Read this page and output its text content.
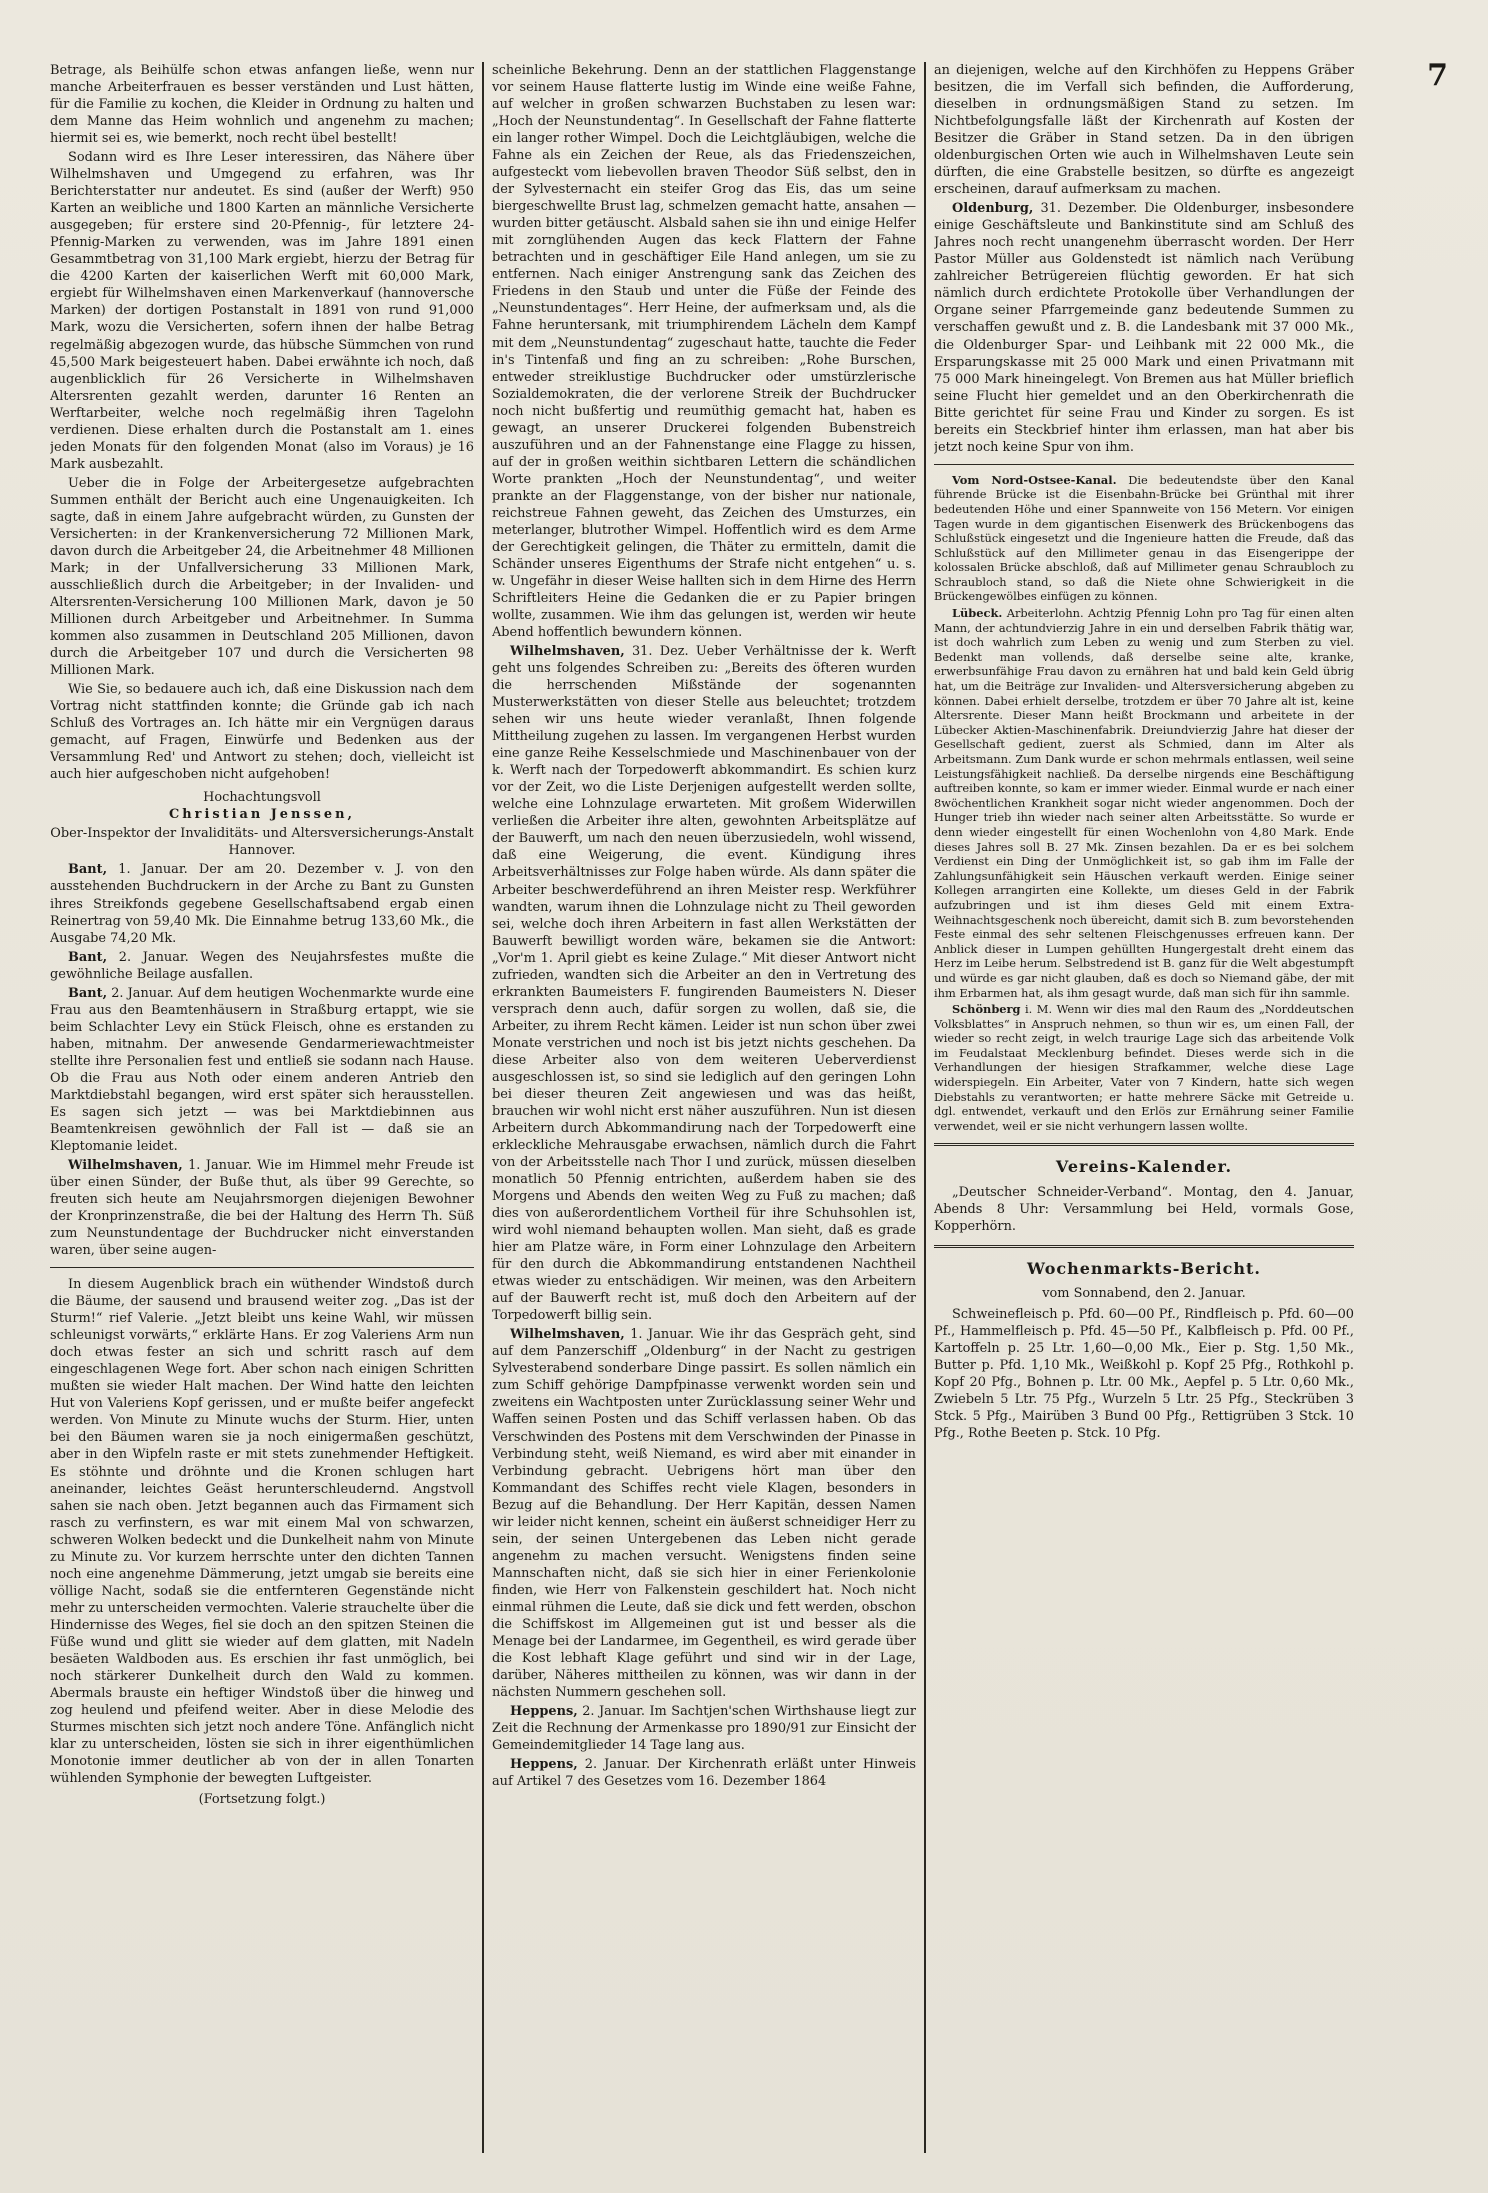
7

Betrage, als Beihülfe schon etwas anfangen ließe, wenn nur manche Arbeiterfrauen es besser verständen und Lust hätten, für die Familie zu kochen, die Kleider in Ordnung zu halten und dem Manne das Heim wohnlich und angenehm zu machen; hiermit sei es, wie bemerkt, noch recht übel bestellt!

Sodann wird es Ihre Leser interessiren, das Nähere über Wilhelmshaven und Umgegend zu erfahren, was Ihr Berichterstatter nur andeutet. Es sind (außer der Werft) 950 Karten an weibliche und 1800 Karten an männliche Versicherte ausgegeben; für erstere sind 20-Pfennig-, für letztere 24-Pfennig-Marken zu verwenden, was im Jahre 1891 einen Gesammtbetrag von 31,100 Mark ergiebt, hierzu der Betrag für die 4200 Karten der kaiserlichen Werft mit 60,000 Mark, ergiebt für Wilhelmshaven einen Markenverkauf (hannoversche Marken) der dortigen Postanstalt in 1891 von rund 91,000 Mark, wozu die Versicherten, sofern ihnen der halbe Betrag regelmäßig abgezogen wurde, das hübsche Sümmchen von rund 45,500 Mark beigesteuert haben. Dabei erwähnte ich noch, daß augenblicklich für 26 Versicherte in Wilhelmshaven Altersrenten gezahlt werden, darunter 16 Renten an Werftarbeiter, welche noch regelmäßig ihren Tagelohn verdienen. Diese erhalten durch die Postanstalt am 1. eines jeden Monats für den folgenden Monat (also im Voraus) je 16 Mark ausbezahlt.

Ueber die in Folge der Arbeitergesetze aufgebrachten Summen enthält der Bericht auch eine Ungenauigkeiten. Ich sagte, daß in einem Jahre aufgebracht würden, zu Gunsten der Versicherten: in der Krankenversicherung 72 Millionen Mark, davon durch die Arbeitgeber 24, die Arbeitnehmer 48 Millionen Mark; in der Unfallversicherung 33 Millionen Mark, ausschließlich durch die Arbeitgeber; in der Invaliden- und Altersrenten-Versicherung 100 Millionen Mark, davon je 50 Millionen durch Arbeitgeber und Arbeitnehmer. In Summa kommen also zusammen in Deutschland 205 Millionen, davon durch die Arbeitgeber 107 und durch die Versicherten 98 Millionen Mark.

Wie Sie, so bedauere auch ich, daß eine Diskussion nach dem Vortrag nicht stattfinden konnte; die Gründe gab ich nach Schluß des Vortrages an. Ich hätte mir ein Vergnügen daraus gemacht, auf Fragen, Einwürfe und Bedenken aus der Versammlung Red' und Antwort zu stehen; doch, vielleicht ist auch hier aufgeschoben nicht aufgehoben!

Hochachtungsvoll

Christian Jenssen,

Ober-Inspektor der Invaliditäts- und Altersversicherungs-Anstalt Hannover.

Bant, 1. Januar. Der am 20. Dezember v. J. von den ausstehenden Buchdruckern in der Arche zu Bant zu Gunsten ihres Streikfonds gegebene Gesellschaftsabend ergab einen Reinertrag von 59,40 Mk. Die Einnahme betrug 133,60 Mk., die Ausgabe 74,20 Mk.

Bant, 2. Januar. Wegen des Neujahrsfestes mußte die gewöhnliche Beilage ausfallen.

Bant, 2. Januar. Auf dem heutigen Wochenmarkte wurde eine Frau aus den Beamtenhäusern in Straßburg ertappt, wie sie beim Schlachter Levy ein Stück Fleisch, ohne es erstanden zu haben, mitnahm. Der anwesende Gendarmeriewachtmeister stellte ihre Personalien fest und entließ sie sodann nach Hause. Ob die Frau aus Noth oder einem anderen Antrieb den Marktdiebstahl begangen, wird erst später sich herausstellen. Es sagen sich jetzt — was bei Marktdiebinnen aus Beamtenkreisen gewöhnlich der Fall ist — daß sie an Kleptomanie leidet.

Wilhelmshaven, 1. Januar. Wie im Himmel mehr Freude ist über einen Sünder, der Buße thut, als über 99 Gerechte, so freuten sich heute am Neujahrsmorgen diejenigen Bewohner der Kronprinzenstraße, die bei der Haltung des Herrn Th. Süß zum Neunstundentage der Buchdrucker nicht einverstanden waren, über seine augen-

In diesem Augenblick brach ein wüthender Windstoß durch die Bäume, der sausend und brausend weiter zog. „Das ist der Sturm!“ rief Valerie. „Jetzt bleibt uns keine Wahl, wir müssen schleunigst vorwärts,“ erklärte Hans. Er zog Valeriens Arm nun doch etwas fester an sich und schritt rasch auf dem eingeschlagenen Wege fort. Aber schon nach einigen Schritten mußten sie wieder Halt machen. Der Wind hatte den leichten Hut von Valeriens Kopf gerissen, und er mußte beifer angefeckt werden. Von Minute zu Minute wuchs der Sturm. Hier, unten bei den Bäumen waren sie ja noch einigermaßen geschützt, aber in den Wipfeln raste er mit stets zunehmender Heftigkeit. Es stöhnte und dröhnte und die Kronen schlugen hart aneinander, leichtes Geäst herunterschleudernd. Angstvoll sahen sie nach oben. Jetzt begannen auch das Firmament sich rasch zu verfinstern, es war mit einem Mal von schwarzen, schweren Wolken bedeckt und die Dunkelheit nahm von Minute zu Minute zu. Vor kurzem herrschte unter den dichten Tannen noch eine angenehme Dämmerung, jetzt umgab sie bereits eine völlige Nacht, sodaß sie die entfernteren Gegenstände nicht mehr zu unterscheiden vermochten. Valerie strauchelte über die Hindernisse des Weges, fiel sie doch an den spitzen Steinen die Füße wund und glitt sie wieder auf dem glatten, mit Nadeln besäeten Waldboden aus. Es erschien ihr fast unmöglich, bei noch stärkerer Dunkelheit durch den Wald zu kommen. Abermals brauste ein heftiger Windstoß über die hinweg und zog heulend und pfeifend weiter. Aber in diese Melodie des Sturmes mischten sich jetzt noch andere Töne. Anfänglich nicht klar zu unterscheiden, lösten sie sich in ihrer eigenthümlichen Monotonie immer deutlicher ab von der in allen Tonarten wühlenden Symphonie der bewegten Luftgeister.

(Fortsetzung folgt.)

scheinliche Bekehrung. Denn an der stattlichen Flaggenstange vor seinem Hause flatterte lustig im Winde eine weiße Fahne, auf welcher in großen schwarzen Buchstaben zu lesen war: „Hoch der Neunstundentag“. In Gesellschaft der Fahne flatterte ein langer rother Wimpel. Doch die Leichtgläubigen, welche die Fahne als ein Zeichen der Reue, als das Friedenszeichen, aufgesteckt vom liebevollen braven Theodor Süß selbst, den in der Sylvesternacht ein steifer Grog das Eis, das um seine biergeschwellte Brust lag, schmelzen gemacht hatte, ansahen — wurden bitter getäuscht. Alsbald sahen sie ihn und einige Helfer mit zornglühenden Augen das keck Flattern der Fahne betrachten und in geschäftiger Eile Hand anlegen, um sie zu entfernen. Nach einiger Anstrengung sank das Zeichen des Friedens in den Staub und unter die Füße der Feinde des „Neunstundentages“. Herr Heine, der aufmerksam und, als die Fahne heruntersank, mit triumphirendem Lächeln dem Kampf mit dem „Neunstundentag“ zugeschaut hatte, tauchte die Feder in's Tintenfaß und fing an zu schreiben: „Rohe Burschen, entweder streiklustige Buchdrucker oder umstürzlerische Sozialdemokraten, die der verlorene Streik der Buchdrucker noch nicht bußfertig und reumüthig gemacht hat, haben es gewagt, an unserer Druckerei folgenden Bubenstreich auszuführen und an der Fahnenstange eine Flagge zu hissen, auf der in großen weithin sichtbaren Lettern die schändlichen Worte prankten „Hoch der Neunstundentag“, und weiter prankte an der Flaggenstange, von der bisher nur nationale, reichstreue Fahnen geweht, das Zeichen des Umsturzes, ein meterlanger, blutrother Wimpel. Hoffentlich wird es dem Arme der Gerechtigkeit gelingen, die Thäter zu ermitteln, damit die Schänder unseres Eigenthums der Strafe nicht entgehen“ u. s. w. Ungefähr in dieser Weise hallten sich in dem Hirne des Herrn Schriftleiters Heine die Gedanken die er zu Papier bringen wollte, zusammen. Wie ihm das gelungen ist, werden wir heute Abend hoffentlich bewundern können.

Wilhelmshaven, 31. Dez. Ueber Verhältnisse der k. Werft geht uns folgendes Schreiben zu: „Bereits des öfteren wurden die herrschenden Mißstände der sogenannten Musterwerkstätten von dieser Stelle aus beleuchtet; trotzdem sehen wir uns heute wieder veranlaßt, Ihnen folgende Mittheilung zugehen zu lassen. Im vergangenen Herbst wurden eine ganze Reihe Kesselschmiede und Maschinenbauer von der k. Werft nach der Torpedowerft abkommandirt. Es schien kurz vor der Zeit, wo die Liste Derjenigen aufgestellt werden sollte, welche eine Lohnzulage erwarteten. Mit großem Widerwillen verließen die Arbeiter ihre alten, gewohnten Arbeitsplätze auf der Bauwerft, um nach den neuen überzusiedeln, wohl wissend, daß eine Weigerung, die event. Kündigung ihres Arbeitsverhältnisses zur Folge haben würde. Als dann später die Arbeiter beschwerdeführend an ihren Meister resp. Werkführer wandten, warum ihnen die Lohnzulage nicht zu Theil geworden sei, welche doch ihren Arbeitern in fast allen Werkstätten der Bauwerft bewilligt worden wäre, bekamen sie die Antwort: „Vor'm 1. April giebt es keine Zulage.“ Mit dieser Antwort nicht zufrieden, wandten sich die Arbeiter an den in Vertretung des erkrankten Baumeisters F. fungirenden Baumeisters N. Dieser versprach denn auch, dafür sorgen zu wollen, daß sie, die Arbeiter, zu ihrem Recht kämen. Leider ist nun schon über zwei Monate verstrichen und noch ist bis jetzt nichts geschehen. Da diese Arbeiter also von dem weiteren Ueberverdienst ausgeschlossen ist, so sind sie lediglich auf den geringen Lohn bei dieser theuren Zeit angewiesen und was das heißt, brauchen wir wohl nicht erst näher auszuführen. Nun ist diesen Arbeitern durch Abkommandirung nach der Torpedowerft eine erkleckliche Mehrausgabe erwachsen, nämlich durch die Fahrt von der Arbeitsstelle nach Thor I und zurück, müssen dieselben monatlich 50 Pfennig entrichten, außerdem haben sie des Morgens und Abends den weiten Weg zu Fuß zu machen; daß dies von außerordentlichem Vortheil für ihre Schuhsohlen ist, wird wohl niemand behaupten wollen. Man sieht, daß es grade hier am Platze wäre, in Form einer Lohnzulage den Arbeitern für den durch die Abkommandirung entstandenen Nachtheil etwas wieder zu entschädigen. Wir meinen, was den Arbeitern auf der Bauwerft recht ist, muß doch den Arbeitern auf der Torpedowerft billig sein.

Wilhelmshaven, 1. Januar. Wie ihr das Gespräch geht, sind auf dem Panzerschiff „Oldenburg“ in der Nacht zu gestrigen Sylvesterabend sonderbare Dinge passirt. Es sollen nämlich ein zum Schiff gehörige Dampfpinasse verwenkt worden sein und zweitens ein Wachtposten unter Zurücklassung seiner Wehr und Waffen seinen Posten und das Schiff verlassen haben. Ob das Verschwinden des Postens mit dem Verschwinden der Pinasse in Verbindung steht, weiß Niemand, es wird aber mit einander in Verbindung gebracht. Uebrigens hört man über den Kommandant des Schiffes recht viele Klagen, besonders in Bezug auf die Behandlung. Der Herr Kapitän, dessen Namen wir leider nicht kennen, scheint ein äußerst schneidiger Herr zu sein, der seinen Untergebenen das Leben nicht gerade angenehm zu machen versucht. Wenigstens finden seine Mannschaften nicht, daß sie sich hier in einer Ferienkolonie finden, wie Herr von Falkenstein geschildert hat. Noch nicht einmal rühmen die Leute, daß sie dick und fett werden, obschon die Schiffskost im Allgemeinen gut ist und besser als die Menage bei der Landarmee, im Gegentheil, es wird gerade über die Kost lebhaft Klage geführt und sind wir in der Lage, darüber, Näheres mittheilen zu können, was wir dann in der nächsten Nummern geschehen soll.

Heppens, 2. Januar. Im Sachtjen'schen Wirthshause liegt zur Zeit die Rechnung der Armenkasse pro 1890/91 zur Einsicht der Gemeindemitglieder 14 Tage lang aus.

Heppens, 2. Januar. Der Kirchenrath erläßt unter Hinweis auf Artikel 7 des Gesetzes vom 16. Dezember 1864

an diejenigen, welche auf den Kirchhöfen zu Heppens Gräber besitzen, die im Verfall sich befinden, die Aufforderung, dieselben in ordnungsmäßigen Stand zu setzen. Im Nichtbefolgungsfalle läßt der Kirchenrath auf Kosten der Besitzer die Gräber in Stand setzen. Da in den übrigen oldenburgischen Orten wie auch in Wilhelmshaven Leute sein dürften, die eine Grabstelle besitzen, so dürfte es angezeigt erscheinen, darauf aufmerksam zu machen.

Oldenburg, 31. Dezember. Die Oldenburger, insbesondere einige Geschäftsleute und Bankinstitute sind am Schluß des Jahres noch recht unangenehm überrascht worden. Der Herr Pastor Müller aus Goldenstedt ist nämlich nach Verübung zahlreicher Betrügereien flüchtig geworden. Er hat sich nämlich durch erdichtete Protokolle über Verhandlungen der Organe seiner Pfarrgemeinde ganz bedeutende Summen zu verschaffen gewußt und z. B. die Landesbank mit 37 000 Mk., die Oldenburger Spar- und Leihbank mit 22 000 Mk., die Ersparungskasse mit 25 000 Mark und einen Privatmann mit 75 000 Mark hineingelegt. Von Bremen aus hat Müller brieflich seine Flucht hier gemeldet und an den Oberkirchenrath die Bitte gerichtet für seine Frau und Kinder zu sorgen. Es ist bereits ein Steckbrief hinter ihm erlassen, man hat aber bis jetzt noch keine Spur von ihm.

Vom Nord-Ostsee-Kanal. Die bedeutendste über den Kanal führende Brücke ist die Eisenbahn-Brücke bei Grünthal mit ihrer bedeutenden Höhe und einer Spannweite von 156 Metern. Vor einigen Tagen wurde in dem gigantischen Eisenwerk des Brückenbogens das Schlußstück eingesetzt und die Ingenieure hatten die Freude, daß das Schlußstück auf den Millimeter genau in das Eisengerippe der kolossalen Brücke abschloß, daß auf Millimeter genau Schraubloch zu Schraubloch stand, so daß die Niete ohne Schwierigkeit in die Brückengewölbes einfügen zu können.

Lübeck. Arbeiterlohn. Achtzig Pfennig Lohn pro Tag für einen alten Mann, der achtundvierzig Jahre in ein und derselben Fabrik thätig war, ist doch wahrlich zum Leben zu wenig und zum Sterben zu viel. Bedenkt man vollends, daß derselbe seine alte, kranke, erwerbsunfähige Frau davon zu ernähren hat und bald kein Geld übrig hat, um die Beiträge zur Invaliden- und Altersversicherung abgeben zu können. Dabei erhielt derselbe, trotzdem er über 70 Jahre alt ist, keine Altersrente. Dieser Mann heißt Brockmann und arbeitete in der Lübecker Aktien-Maschinenfabrik. Dreiundvierzig Jahre hat dieser der Gesellschaft gedient, zuerst als Schmied, dann im Alter als Arbeitsmann. Zum Dank wurde er schon mehrmals entlassen, weil seine Leistungsfähigkeit nachließ. Da derselbe nirgends eine Beschäftigung auftreiben konnte, so kam er immer wieder. Einmal wurde er nach einer 8wöchentlichen Krankheit sogar nicht wieder angenommen. Doch der Hunger trieb ihn wieder nach seiner alten Arbeitsstätte. So wurde er denn wieder eingestellt für einen Wochenlohn von 4,80 Mark. Ende dieses Jahres soll B. 27 Mk. Zinsen bezahlen. Da er es bei solchem Verdienst ein Ding der Unmöglichkeit ist, so gab ihm im Falle der Zahlungsunfähigkeit sein Häuschen verkauft werden. Einige seiner Kollegen arrangirten eine Kollekte, um dieses Geld in der Fabrik aufzubringen und ist ihm dieses Geld mit einem Extra-Weihnachtsgeschenk noch übereicht, damit sich B. zum bevorstehenden Feste einmal des sehr seltenen Fleischgenusses erfreuen kann. Der Anblick dieser in Lumpen gehüllten Hungergestalt dreht einem das Herz im Leibe herum. Selbstredend ist B. ganz für die Welt abgestumpft und würde es gar nicht glauben, daß es doch so Niemand gäbe, der mit ihm Erbarmen hat, als ihm gesagt wurde, daß man sich für ihn sammle.

Schönberg i. M. Wenn wir dies mal den Raum des „Norddeutschen Volksblattes“ in Anspruch nehmen, so thun wir es, um einen Fall, der wieder so recht zeigt, in welch traurige Lage sich das arbeitende Volk im Feudalstaat Mecklenburg befindet. Dieses werde sich in die Verhandlungen der hiesigen Strafkammer, welche diese Lage widerspiegeln. Ein Arbeiter, Vater von 7 Kindern, hatte sich wegen Diebstahls zu verantworten; er hatte mehrere Säcke mit Getreide u. dgl. entwendet, verkauft und den Erlös zur Ernährung seiner Familie verwendet, weil er sie nicht verhungern lassen wollte.

Vereins-Kalender.

„Deutscher Schneider-Verband“. Montag, den 4. Januar, Abends 8 Uhr: Versammlung bei Held, vormals Gose, Kopperhörn.

Wochenmarkts-Bericht.
vom Sonnabend, den 2. Januar.

Schweinefleisch p. Pfd. 60—00 Pf., Rindfleisch p. Pfd. 60—00 Pf., Hammelfleisch p. Pfd. 45—50 Pf., Kalbfleisch p. Pfd. 00 Pf., Kartoffeln p. 25 Ltr. 1,60—0,00 Mk., Eier p. Stg. 1,50 Mk., Butter p. Pfd. 1,10 Mk., Weißkohl p. Kopf 25 Pfg., Rothkohl p. Kopf 20 Pfg., Bohnen p. Ltr. 00 Mk., Aepfel p. 5 Ltr. 0,60 Mk., Zwiebeln 5 Ltr. 75 Pfg., Wurzeln 5 Ltr. 25 Pfg., Steckrüben 3 Stck. 5 Pfg., Mairüben 3 Bund 00 Pfg., Rettigrüben 3 Stck. 10 Pfg., Rothe Beeten p. Stck. 10 Pfg.
